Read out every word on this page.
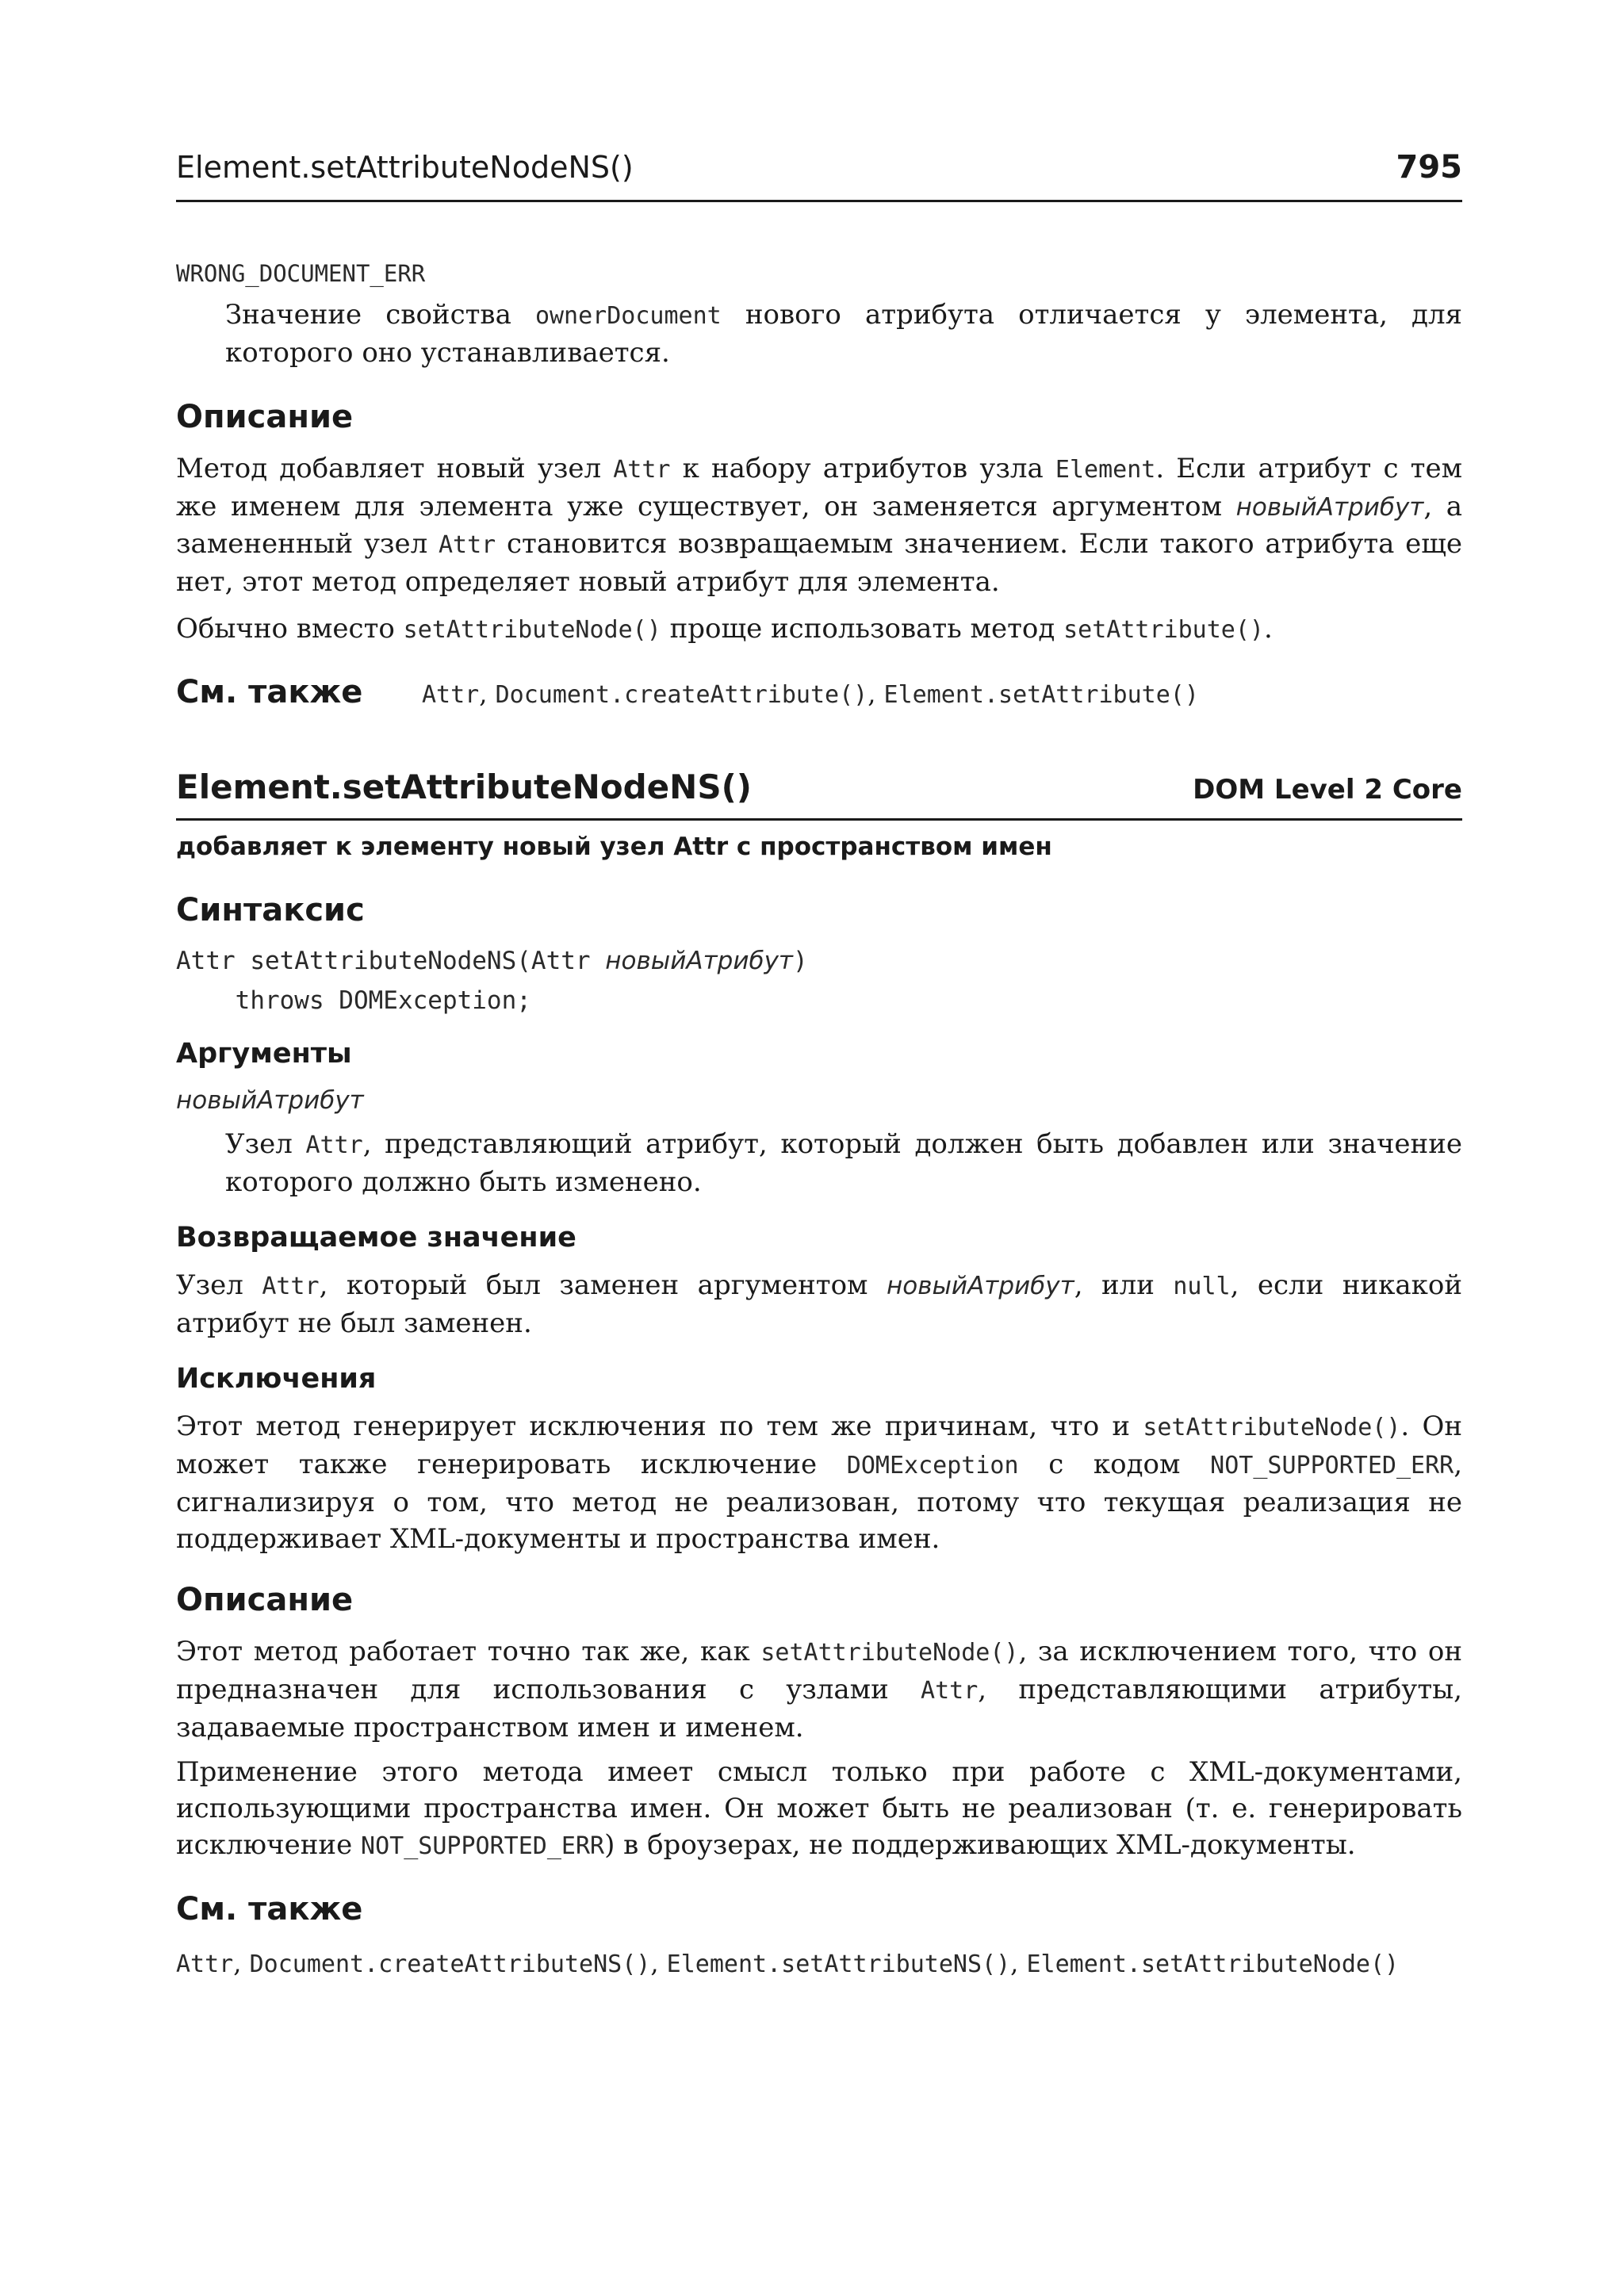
Element.setAttributeNodeNS()	795
WRONG_DOCUMENT_ERR

Значение свойства ownerDocument нового атрибута отличается у элемента, для которого оно устанавливается.

Описание

Метод добавляет новый узел Attr к набору атрибутов узла Element. Если атрибут с тем же именем для элемента уже существует, он заменяется аргументом новыйАтрибут, а замененный узел Attr становится возвращаемым значением. Если такого атрибута еще нет, этот метод определяет новый атрибут для элемента.

Обычно вместо setAttributeNode() проще использовать метод setAttribute().

См. также Attr, Document.createAttribute(), Element.setAttribute()
Element.setAttributeNodeNS()	DOM Level 2 Core
добавляет к элементу новый узел Attr с пространством имен
Синтаксис
Attr setAttributeNodeNS(Attr новыйАтрибут)
throws DOMException;
Аргументы
новыйАтрибут

Узел Attr, представляющий атрибут, который должен быть добавлен или значение которого должно быть изменено.

Возвращаемое значение

Узел Attr, который был заменен аргументом новыйАтрибут, или null, если никакой атрибут не был заменен.

Исключения

Этот метод генерирует исключения по тем же причинам, что и setAttributeNode(). Он может также генерировать исключение DOMException с кодом NOT_SUPPORTED_ERR, сигнализируя о том, что метод не реализован, потому что текущая реализация не поддерживает XML-документы и пространства имен.

Описание

Этот метод работает точно так же, как setAttributeNode(), за исключением того, что он предназначен для использования с узлами Attr, представляющими атрибуты, задаваемые пространством имен и именем.

Применение этого метода имеет смысл только при работе с XML-документами, использующими пространства имен. Он может быть не реализован (т. е. генерировать исключение NOT_SUPPORTED_ERR) в броузерах, не поддерживающих XML-документы.

См. также
Attr, Document.createAttributeNS(), Element.setAttributeNS(), Element.setAttributeNode()
